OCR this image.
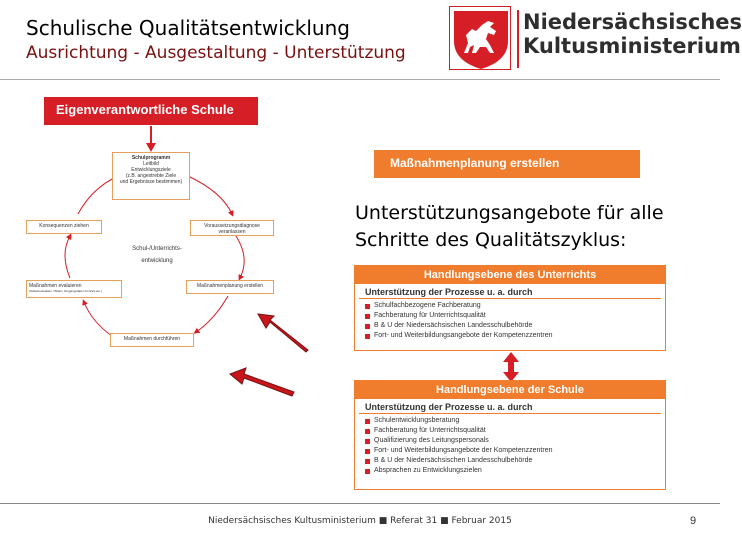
Schulische Qualitätsentwicklung
Ausrichtung - Ausgestaltung - Unterstützung
Niedersächsisches
Kultusministerium
Eigenverantwortliche Schule
Schulprogramm
Leitbild
Entwicklungsziele
(z.B. angestrebte Ziele
und Ergebnisse bestimmen)
Voraussetzungsdiagnose veranlassen
Maßnahmenplanung erstellen
Maßnahmen durchführen
Maßnahmen evaluieren
(Selbstevaluation / Bilanz, Eingangsdaten für EVA etc.)
Konsequenzen ziehen
Schul-/Unterrichts-
entwicklung
Maßnahmenplanung erstellen
Unterstützungsangebote für alle
Schritte des Qualitätszyklus:
Handlungsebene des Unterrichts
Unterstützung der Prozesse u. a. durch
Schulfachbezogene Fachberatung
Fachberatung für Unterrichtsqualität
B & U der Niedersächsischen Landesschulbehörde
Fort- und Weiterbildungsangebote der Kompetenzzentren
Handlungsebene der Schule
Unterstützung der Prozesse u. a. durch
Schulentwicklungsberatung
Fachberatung für Unterrichtsqualität
Qualifizierung des Leitungspersonals
Fort- und Weiterbildungsangebote der Kompetenzzentren
B & U der Niedersächsischen Landesschulbehörde
Absprachen zu Entwicklungszielen
Niedersächsisches Kultusministerium ■ Referat 31 ■ Februar 2015	9
